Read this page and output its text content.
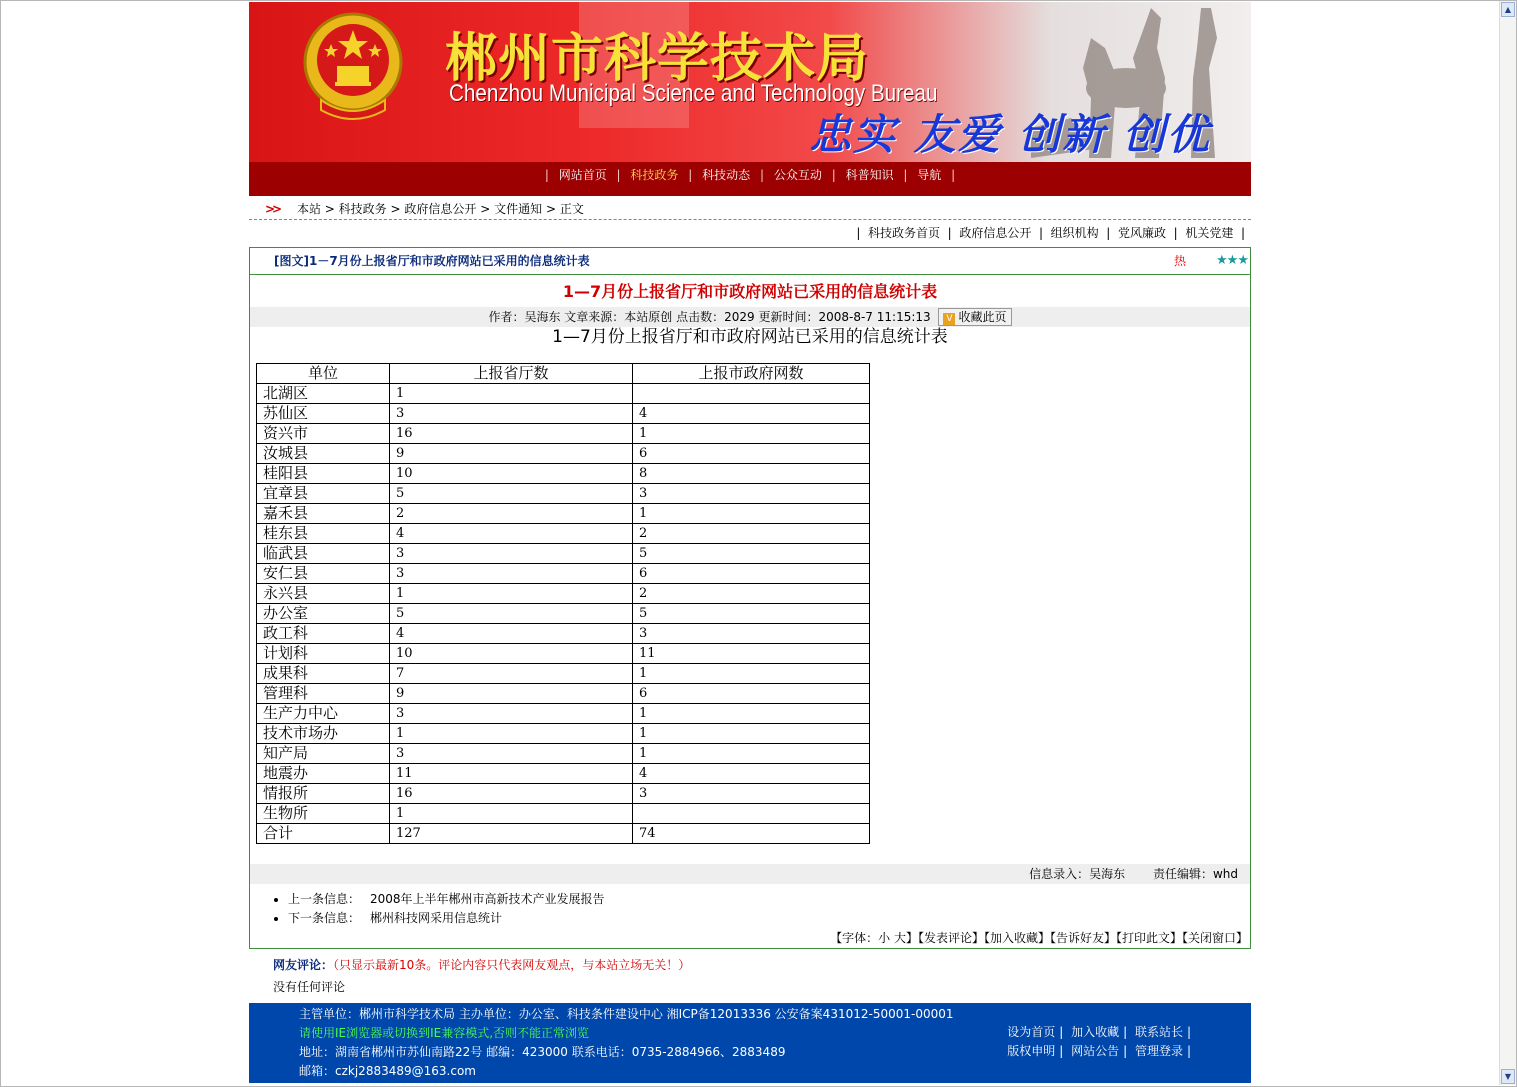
▲
▼
郴州市科学技术局
Chenzhou Municipal Science and Technology Bureau
忠实 友爱 创新 创优
| 网站首页 | 科技政务 | 科技动态 | 公众互动 | 科普知识 | 导航 |
>> 本站 > 科技政务 > 政府信息公开 > 文件通知 > 正文
|  科技政务首页  |  政府信息公开  |  组织机构  |  党风廉政  |  机关党建  |
[图文]1－7月份上报省厅和市政府网站已采用的信息统计表	热 ★★★
1—7月份上报省厅和市政府网站已采用的信息统计表
作者：吴海东 文章来源：本站原创 点击数：2029 更新时间：2008-8-7 11:15:13 V 收藏此页
1—7月份上报省厅和市政府网站已采用的信息统计表
单位	上报省厅数	上报市政府网数
北湖区	1	
苏仙区	3	4
资兴市	16	1
汝城县	9	6
桂阳县	10	8
宜章县	5	3
嘉禾县	2	1
桂东县	4	2
临武县	3	5
安仁县	3	6
永兴县	1	2
办公室	5	5
政工科	4	3
计划科	10	11
成果科	7	1
管理科	9	6
生产力中心	3	1
技术市场办	1	1
知产局	3	1
地震办	11	4
情报所	16	3
生物所	1	
合计	127	74
信息录入：吴海东 责任编辑：whd
• 上一条信息： 2008年上半年郴州市高新技术产业发展报告
• 下一条信息： 郴州科技网采用信息统计
【字体：小 大】【发表评论】【加入收藏】【告诉好友】【打印此文】【关闭窗口】
网友评论：（只显示最新10条。评论内容只代表网友观点，与本站立场无关！）
没有任何评论
主管单位：郴州市科学技术局 主办单位：办公室、科技条件建设中心 湘ICP备12013336 公安备案431012-50001-00001
请使用IE浏览器或切换到IE兼容模式,否则不能正常浏览
地址：湖南省郴州市苏仙南路22号 邮编：423000 联系电话：0735-2884966、2883489
邮箱：czkj2883489@163.com
设为首页 | 加入收藏 | 联系站长 |
版权申明 | 网站公告 | 管理登录 |
